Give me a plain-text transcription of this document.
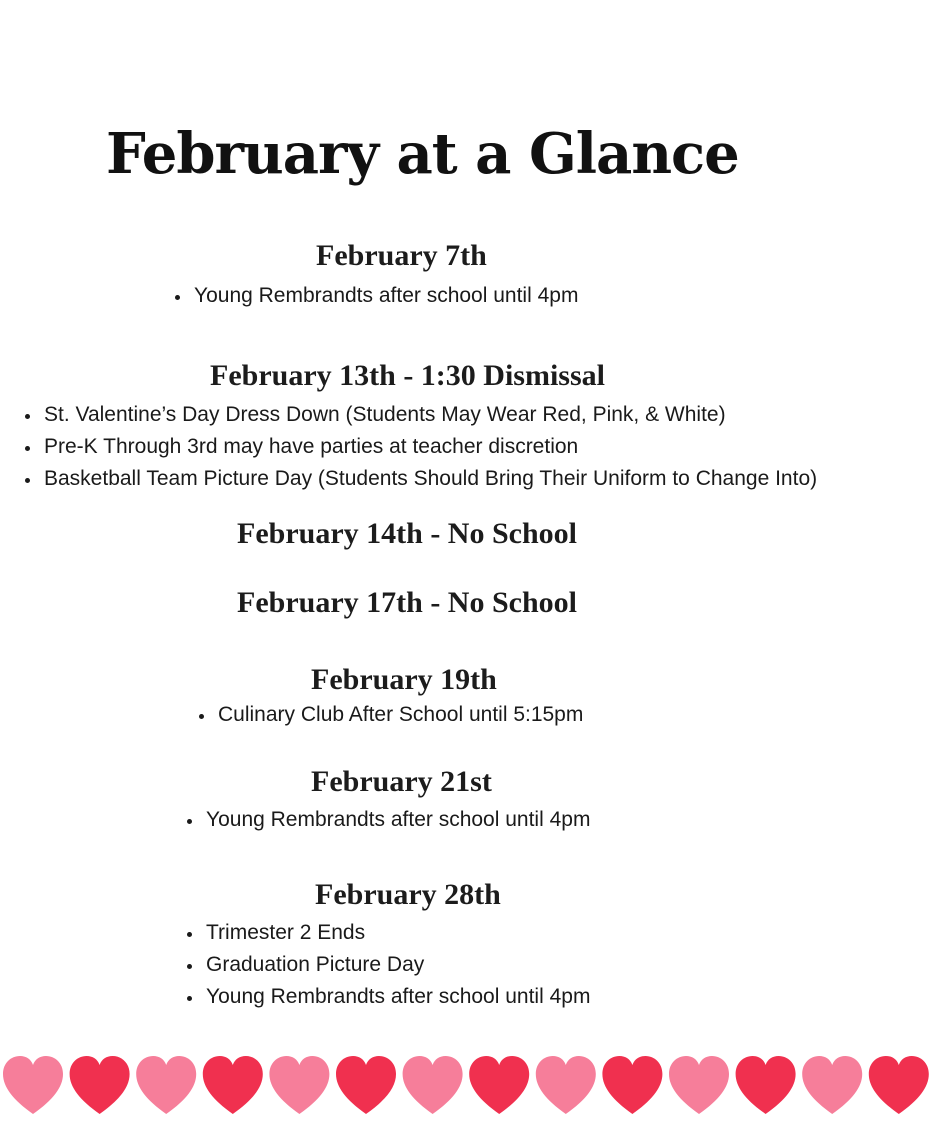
February at a Glance
February 7th
Young Rembrandts after school until 4pm
February 13th - 1:30 Dismissal
St. Valentine’s Day Dress Down (Students May Wear Red, Pink, & White)
Pre-K Through 3rd may have parties at teacher discretion
Basketball Team Picture Day (Students Should Bring Their Uniform to Change Into)
February 14th - No School
February 17th - No School
February 19th
Culinary Club After School until 5:15pm
February 21st
Young Rembrandts after school until 4pm
February 28th
Trimester 2 Ends
Graduation Picture Day
Young Rembrandts after school until 4pm
